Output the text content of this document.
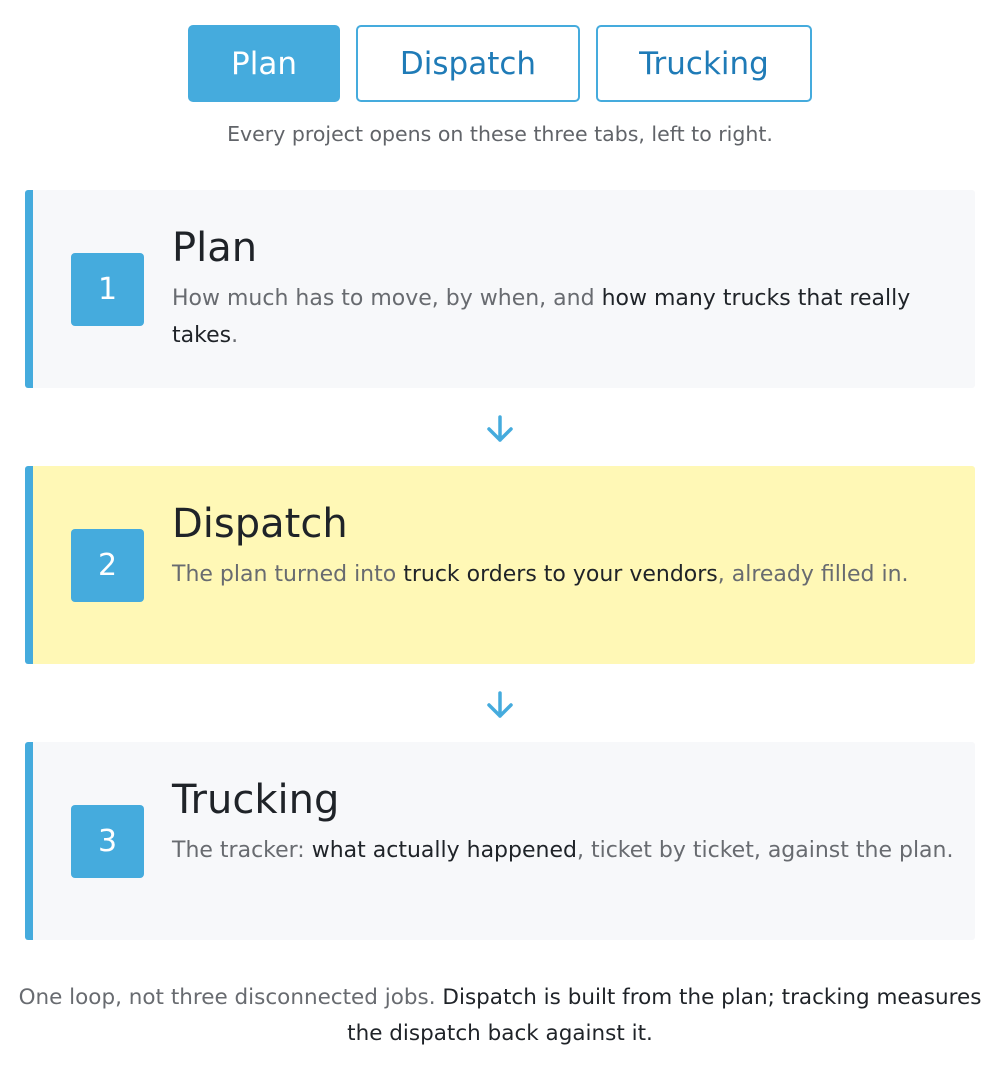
Plan	Dispatch	Trucking
Every project opens on these three tabs, left to right.
1
Plan
How much has to move, by when, and how many trucks that really takes.
2
Dispatch
The plan turned into truck orders to your vendors, already filled in.
3
Trucking
The tracker: what actually happened, ticket by ticket, against the plan.
One loop, not three disconnected jobs. Dispatch is built from the plan; tracking measures the dispatch back against it.
